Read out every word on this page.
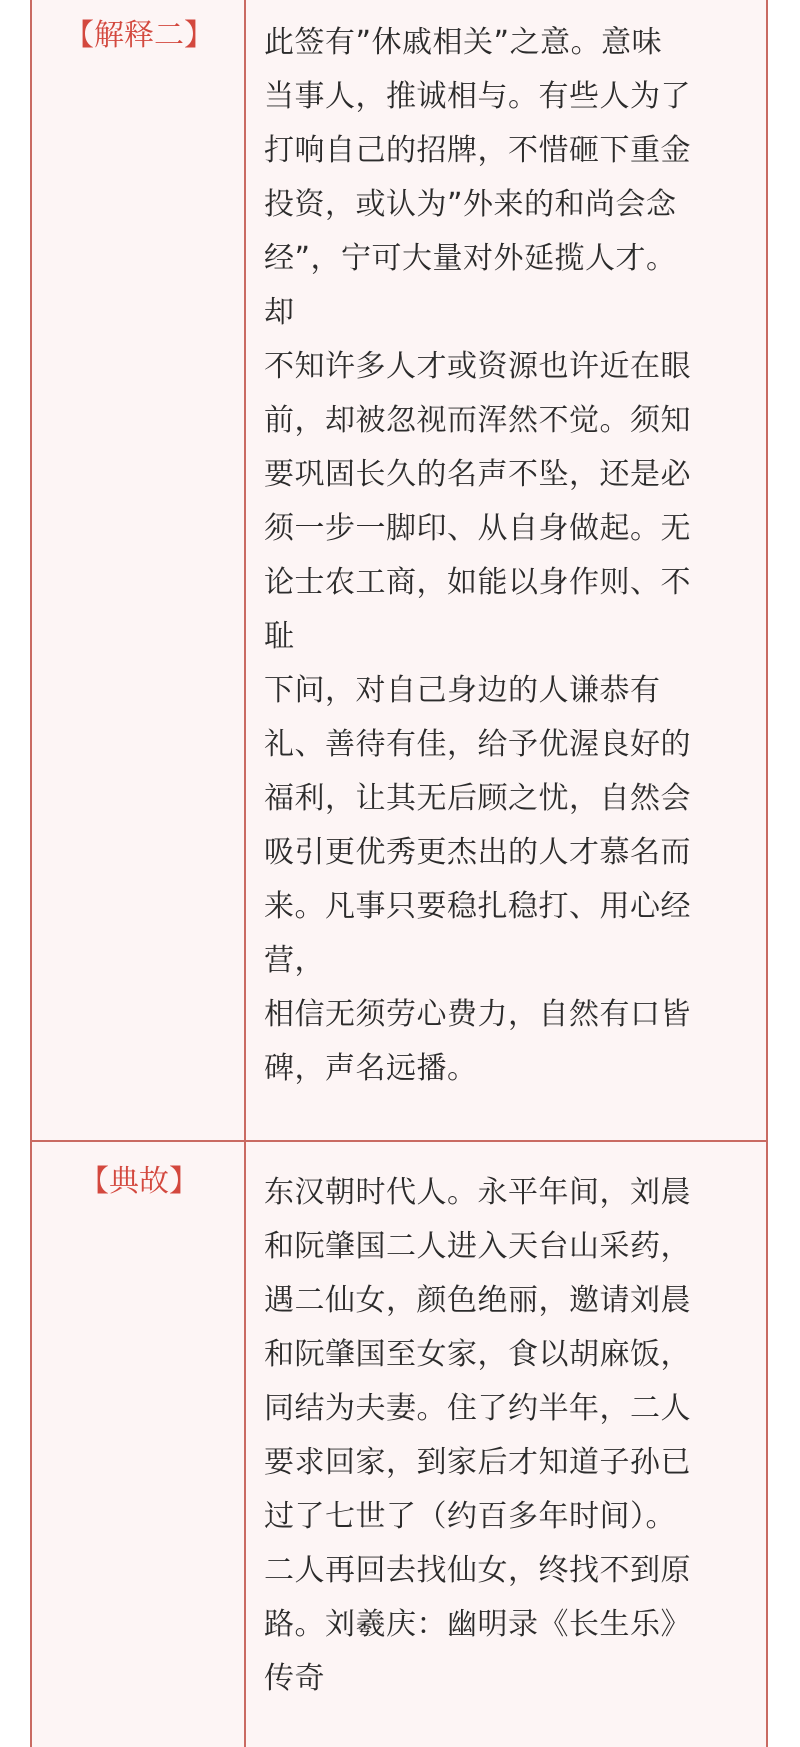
【解释二】	此签有”休戚相关”之意。意味
当事人，推诚相与。有些人为了
打响自己的招牌，不惜砸下重金
投资，或认为”外来的和尚会念
经”，宁可大量对外延揽人才。
却
不知许多人才或资源也许近在眼
前，却被忽视而浑然不觉。须知
要巩固长久的名声不坠，还是必
须一步一脚印、从自身做起。无
论士农工商，如能以身作则、不
耻
下问，对自己身边的人谦恭有
礼、善待有佳，给予优渥良好的
福利，让其无后顾之忧，自然会
吸引更优秀更杰出的人才慕名而
来。凡事只要稳扎稳打、用心经
营，
相信无须劳心费力，自然有口皆
碑，声名远播。
【典故】	东汉朝时代人。永平年间，刘晨
和阮肇国二人进入天台山采药，
遇二仙女，颜色绝丽，邀请刘晨
和阮肇国至女家，食以胡麻饭，
同结为夫妻。住了约半年，二人
要求回家，到家后才知道子孙已
过了七世了（约百多年时间）。
二人再回去找仙女，终找不到原
路。刘羲庆：幽明录《长生乐》
传奇
